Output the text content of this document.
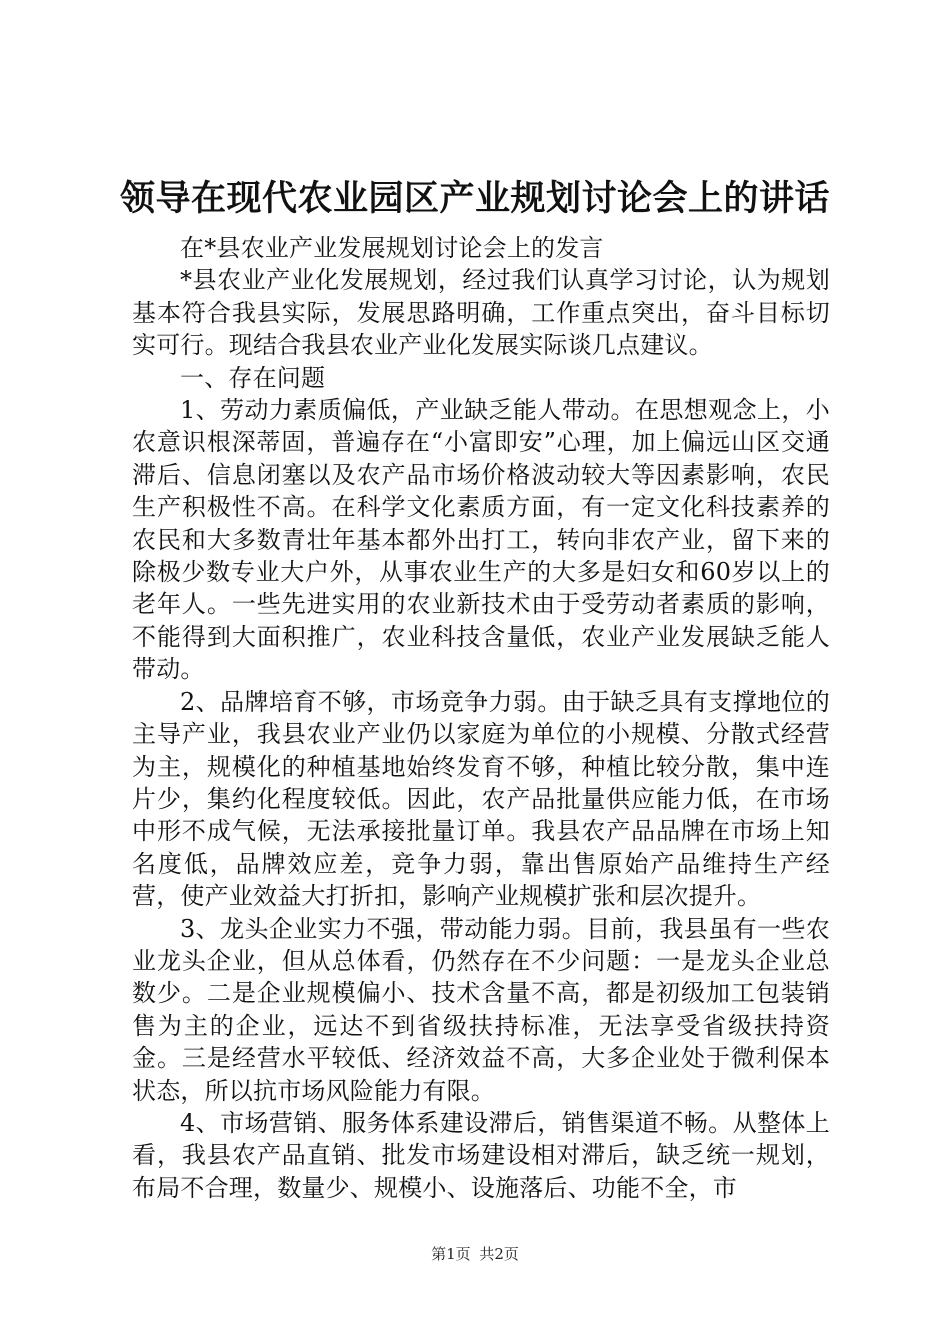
领导在现代农业园区产业规划讨论会上的讲话

在*县农业产业发展规划讨论会上的发言

*县农业产业化发展规划，经过我们认真学习讨论，认为规划基本符合我县实际，发展思路明确，工作重点突出，奋斗目标切实可行。现结合我县农业产业化发展实际谈几点建议。

一、存在问题

1、劳动力素质偏低，产业缺乏能人带动。在思想观念上，小农意识根深蒂固，普遍存在“小富即安”心理，加上偏远山区交通滞后、信息闭塞以及农产品市场价格波动较大等因素影响，农民生产积极性不高。在科学文化素质方面，有一定文化科技素养的农民和大多数青壮年基本都外出打工，转向非农产业，留下来的除极少数专业大户外，从事农业生产的大多是妇女和60岁以上的老年人。一些先进实用的农业新技术由于受劳动者素质的影响，不能得到大面积推广，农业科技含量低，农业产业发展缺乏能人带动。

2、品牌培育不够，市场竞争力弱。由于缺乏具有支撑地位的主导产业，我县农业产业仍以家庭为单位的小规模、分散式经营为主，规模化的种植基地始终发育不够，种植比较分散，集中连片少，集约化程度较低。因此，农产品批量供应能力低，在市场中形不成气候，无法承接批量订单。我县农产品品牌在市场上知名度低，品牌效应差，竞争力弱，靠出售原始产品维持生产经营，使产业效益大打折扣，影响产业规模扩张和层次提升。

3、龙头企业实力不强，带动能力弱。目前，我县虽有一些农业龙头企业，但从总体看，仍然存在不少问题：一是龙头企业总数少。二是企业规模偏小、技术含量不高，都是初级加工包装销售为主的企业，远达不到省级扶持标准，无法享受省级扶持资金。三是经营水平较低、经济效益不高，大多企业处于微利保本状态，所以抗市场风险能力有限。

4、市场营销、服务体系建设滞后，销售渠道不畅。从整体上看，我县农产品直销、批发市场建设相对滞后，缺乏统一规划，布局不合理，数量少、规模小、设施落后、功能不全，市

第1页 共2页
